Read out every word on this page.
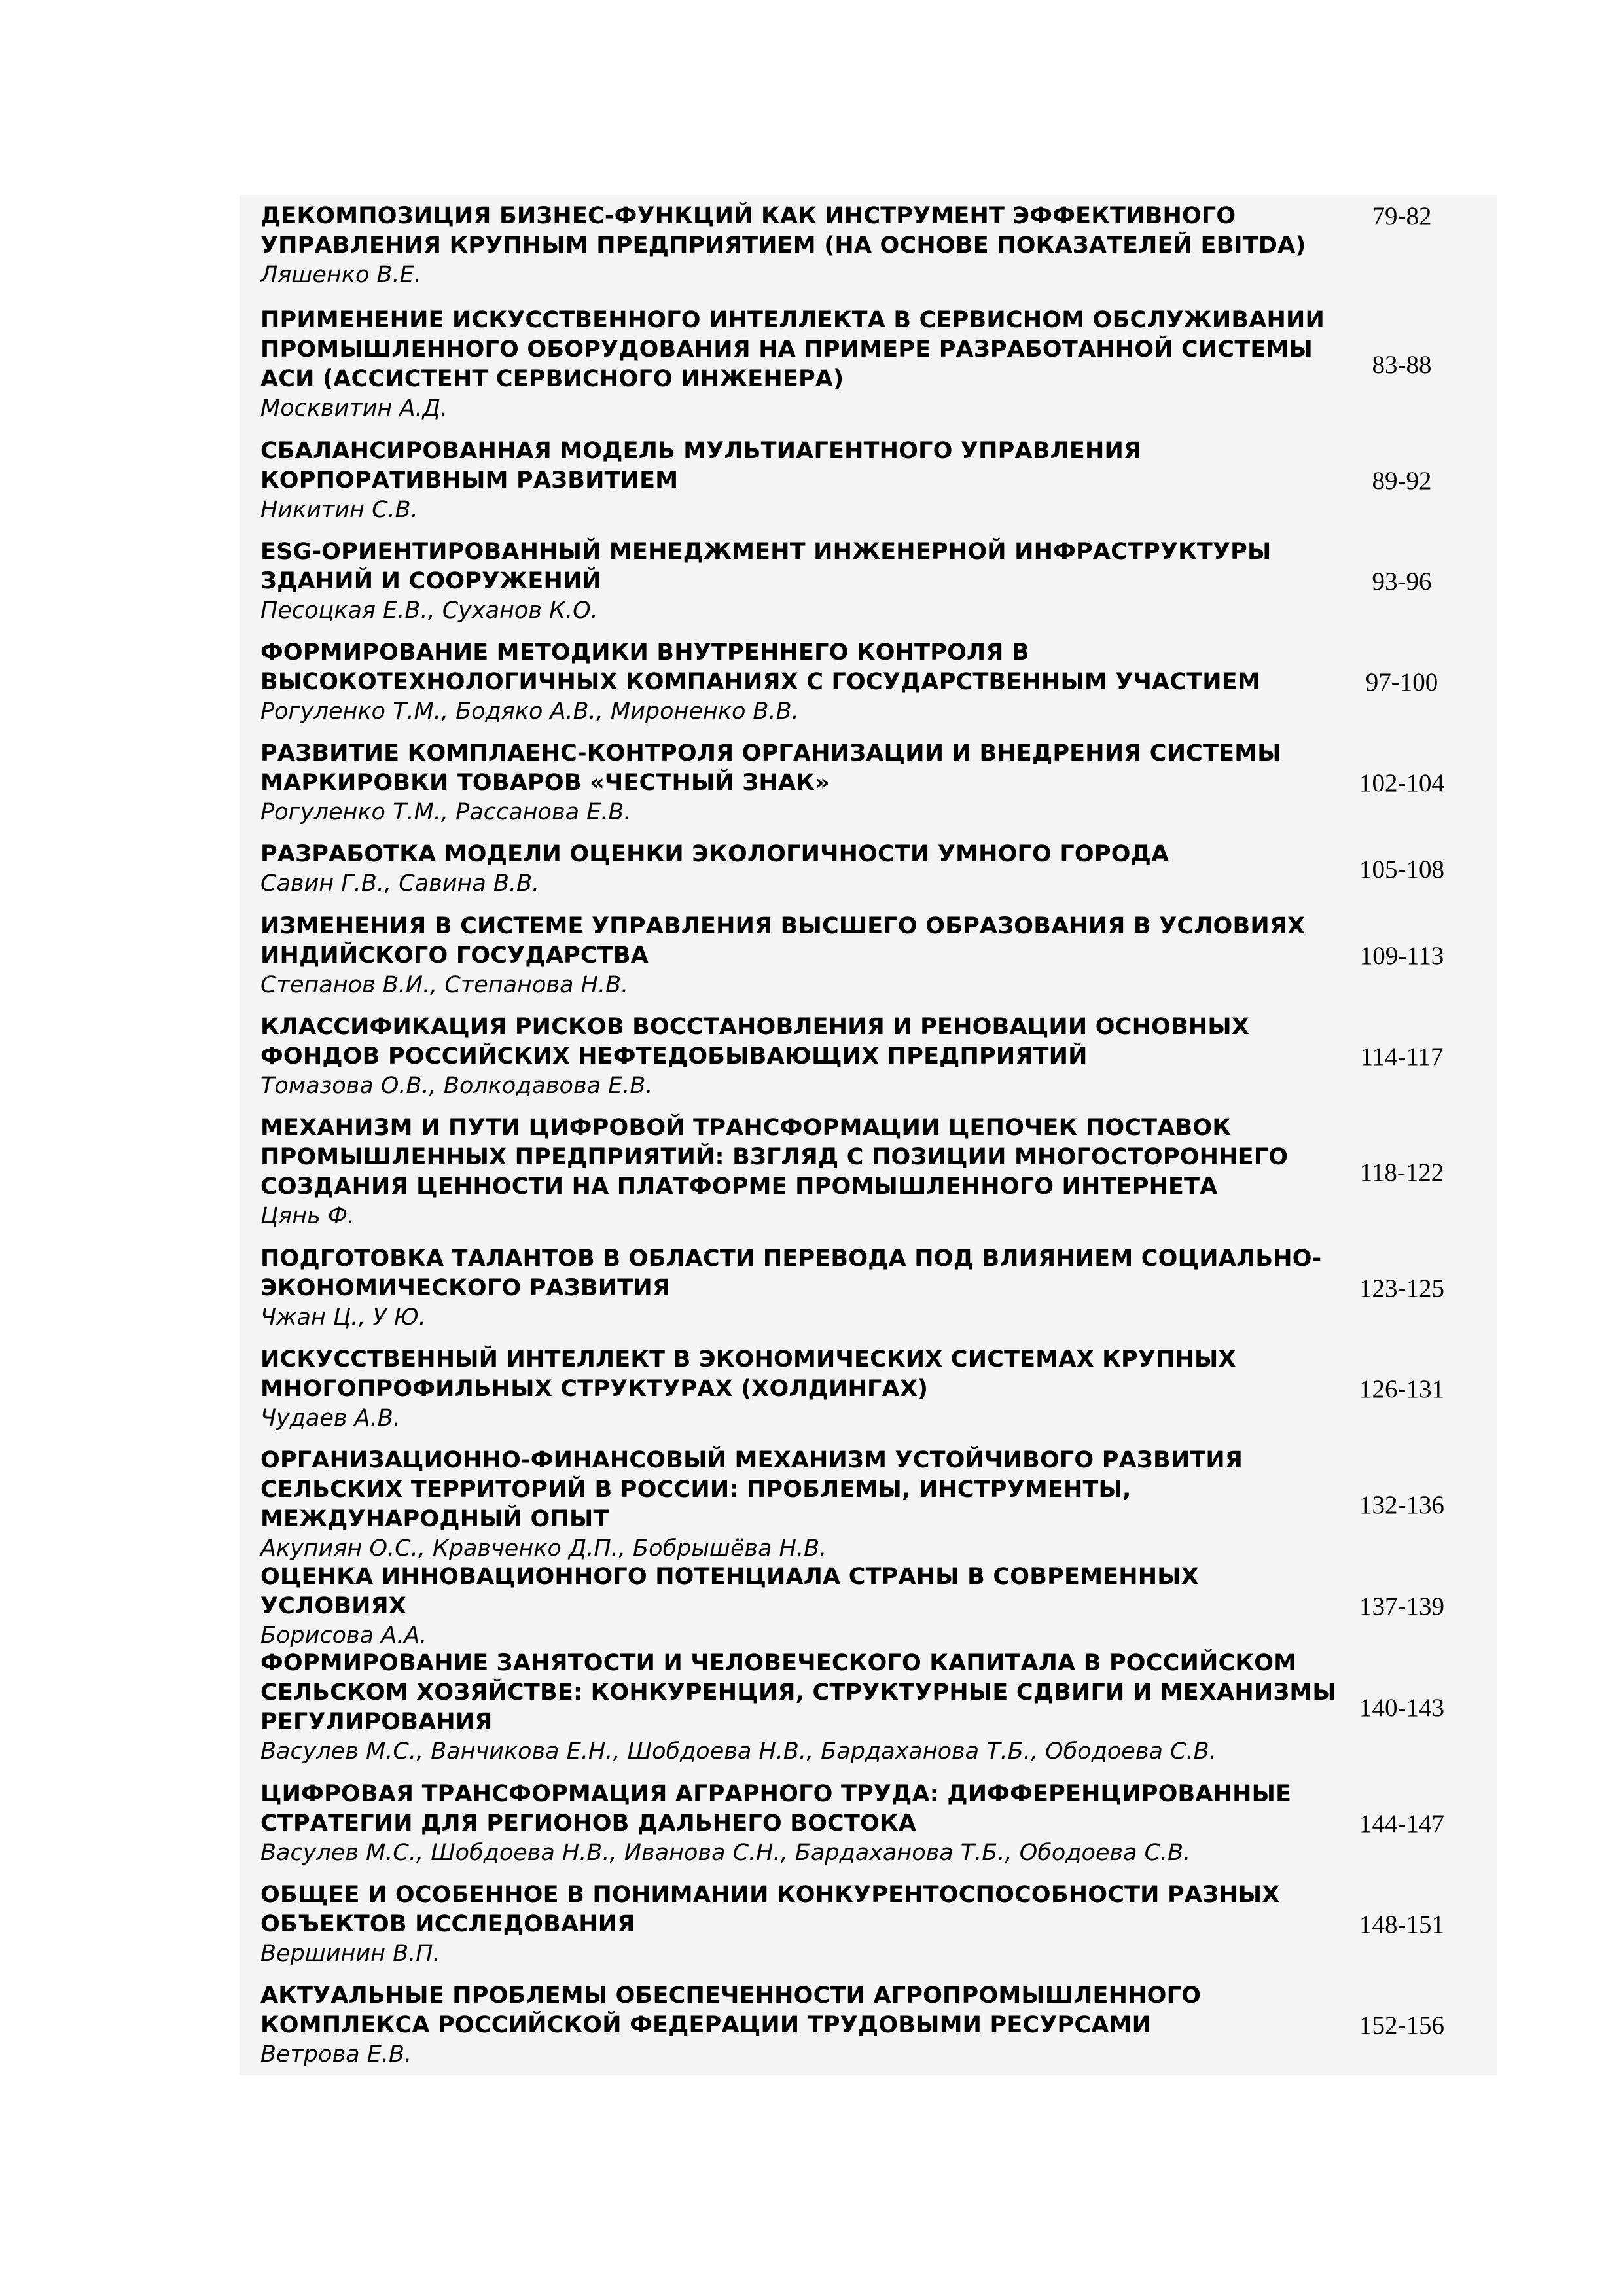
ДЕКОМПОЗИЦИЯ БИЗНЕС-ФУНКЦИЙ КАК ИНСТРУМЕНТ ЭФФЕКТИВНОГО УПРАВЛЕНИЯ КРУПНЫМ ПРЕДПРИЯТИЕМ (НА ОСНОВЕ ПОКАЗАТЕЛЕЙ EBITDA)

Ляшенко В.Е.

79-82

ПРИМЕНЕНИЕ ИСКУССТВЕННОГО ИНТЕЛЛЕКТА В СЕРВИСНОМ ОБСЛУЖИВАНИИ ПРОМЫШЛЕННОГО ОБОРУДОВАНИЯ НА ПРИМЕРЕ РАЗРАБОТАННОЙ СИСТЕМЫ АСИ (АССИСТЕНТ СЕРВИСНОГО ИНЖЕНЕРА)

Москвитин А.Д.

83-88

СБАЛАНСИРОВАННАЯ МОДЕЛЬ МУЛЬТИАГЕНТНОГО УПРАВЛЕНИЯ КОРПОРАТИВНЫМ РАЗВИТИЕМ

Никитин С.В.

89-92

ESG-ОРИЕНТИРОВАННЫЙ МЕНЕДЖМЕНТ ИНЖЕНЕРНОЙ ИНФРАСТРУКТУРЫ ЗДАНИЙ И СООРУЖЕНИЙ

Песоцкая Е.В., Суханов К.О.

93-96

ФОРМИРОВАНИЕ МЕТОДИКИ ВНУТРЕННЕГО КОНТРОЛЯ В ВЫСОКОТЕХНОЛОГИЧНЫХ КОМПАНИЯХ С ГОСУДАРСТВЕННЫМ УЧАСТИЕМ

Рогуленко Т.М., Бодяко А.В., Мироненко В.В.

97-100

РАЗВИТИЕ КОМПЛАЕНС-КОНТРОЛЯ ОРГАНИЗАЦИИ И ВНЕДРЕНИЯ СИСТЕМЫ МАРКИРОВКИ ТОВАРОВ «ЧЕСТНЫЙ ЗНАК»

Рогуленко Т.М., Рассанова Е.В.

102-104

РАЗРАБОТКА МОДЕЛИ ОЦЕНКИ ЭКОЛОГИЧНОСТИ УМНОГО ГОРОДА

Савин Г.В., Савина В.В.

105-108

ИЗМЕНЕНИЯ В СИСТЕМЕ УПРАВЛЕНИЯ ВЫСШЕГО ОБРАЗОВАНИЯ В УСЛОВИЯХ ИНДИЙСКОГО ГОСУДАРСТВА

Степанов В.И., Степанова Н.В.

109-113

КЛАССИФИКАЦИЯ РИСКОВ ВОССТАНОВЛЕНИЯ И РЕНОВАЦИИ ОСНОВНЫХ ФОНДОВ РОССИЙСКИХ НЕФТЕДОБЫВАЮЩИХ ПРЕДПРИЯТИЙ

Томазова О.В., Волкодавова Е.В.

114-117

МЕХАНИЗМ И ПУТИ ЦИФРОВОЙ ТРАНСФОРМАЦИИ ЦЕПОЧЕК ПОСТАВОК ПРОМЫШЛЕННЫХ ПРЕДПРИЯТИЙ: ВЗГЛЯД С ПОЗИЦИИ МНОГОСТОРОННЕГО СОЗДАНИЯ ЦЕННОСТИ НА ПЛАТФОРМЕ ПРОМЫШЛЕННОГО ИНТЕРНЕТА

Цянь Ф.

118-122

ПОДГОТОВКА ТАЛАНТОВ В ОБЛАСТИ ПЕРЕВОДА ПОД ВЛИЯНИЕМ СОЦИАЛЬНО-ЭКОНОМИЧЕСКОГО РАЗВИТИЯ

Чжан Ц., У Ю.

123-125

ИСКУССТВЕННЫЙ ИНТЕЛЛЕКТ В ЭКОНОМИЧЕСКИХ СИСТЕМАХ КРУПНЫХ МНОГОПРОФИЛЬНЫХ СТРУКТУРАХ (ХОЛДИНГАХ)

Чудаев А.В.

126-131

ОРГАНИЗАЦИОННО-ФИНАНСОВЫЙ МЕХАНИЗМ УСТОЙЧИВОГО РАЗВИТИЯ СЕЛЬСКИХ ТЕРРИТОРИЙ В РОССИИ: ПРОБЛЕМЫ, ИНСТРУМЕНТЫ, МЕЖДУНАРОДНЫЙ ОПЫТ

Акупиян О.С., Кравченко Д.П., Бобрышёва Н.В.

132-136

ОЦЕНКА ИННОВАЦИОННОГО ПОТЕНЦИАЛА СТРАНЫ В СОВРЕМЕННЫХ УСЛОВИЯХ

Борисова А.А.

137-139

ФОРМИРОВАНИЕ ЗАНЯТОСТИ И ЧЕЛОВЕЧЕСКОГО КАПИТАЛА В РОССИЙСКОМ СЕЛЬСКОМ ХОЗЯЙСТВЕ: КОНКУРЕНЦИЯ, СТРУКТУРНЫЕ СДВИГИ И МЕХАНИЗМЫ РЕГУЛИРОВАНИЯ

Васулев М.С., Ванчикова Е.Н., Шобдоева Н.В., Бардаханова Т.Б., Ободоева С.В.

140-143

ЦИФРОВАЯ ТРАНСФОРМАЦИЯ АГРАРНОГО ТРУДА: ДИФФЕРЕНЦИРОВАННЫЕ СТРАТЕГИИ ДЛЯ РЕГИОНОВ ДАЛЬНЕГО ВОСТОКА

Васулев М.С., Шобдоева Н.В., Иванова С.Н., Бардаханова Т.Б., Ободоева С.В.

144-147

ОБЩЕЕ И ОСОБЕННОЕ В ПОНИМАНИИ КОНКУРЕНТОСПОСОБНОСТИ РАЗНЫХ ОБЪЕКТОВ ИССЛЕДОВАНИЯ

Вершинин В.П.

148-151

АКТУАЛЬНЫЕ ПРОБЛЕМЫ ОБЕСПЕЧЕННОСТИ АГРОПРОМЫШЛЕННОГО КОМПЛЕКСА РОССИЙСКОЙ ФЕДЕРАЦИИ ТРУДОВЫМИ РЕСУРСАМИ

Ветрова Е.В.

152-156
